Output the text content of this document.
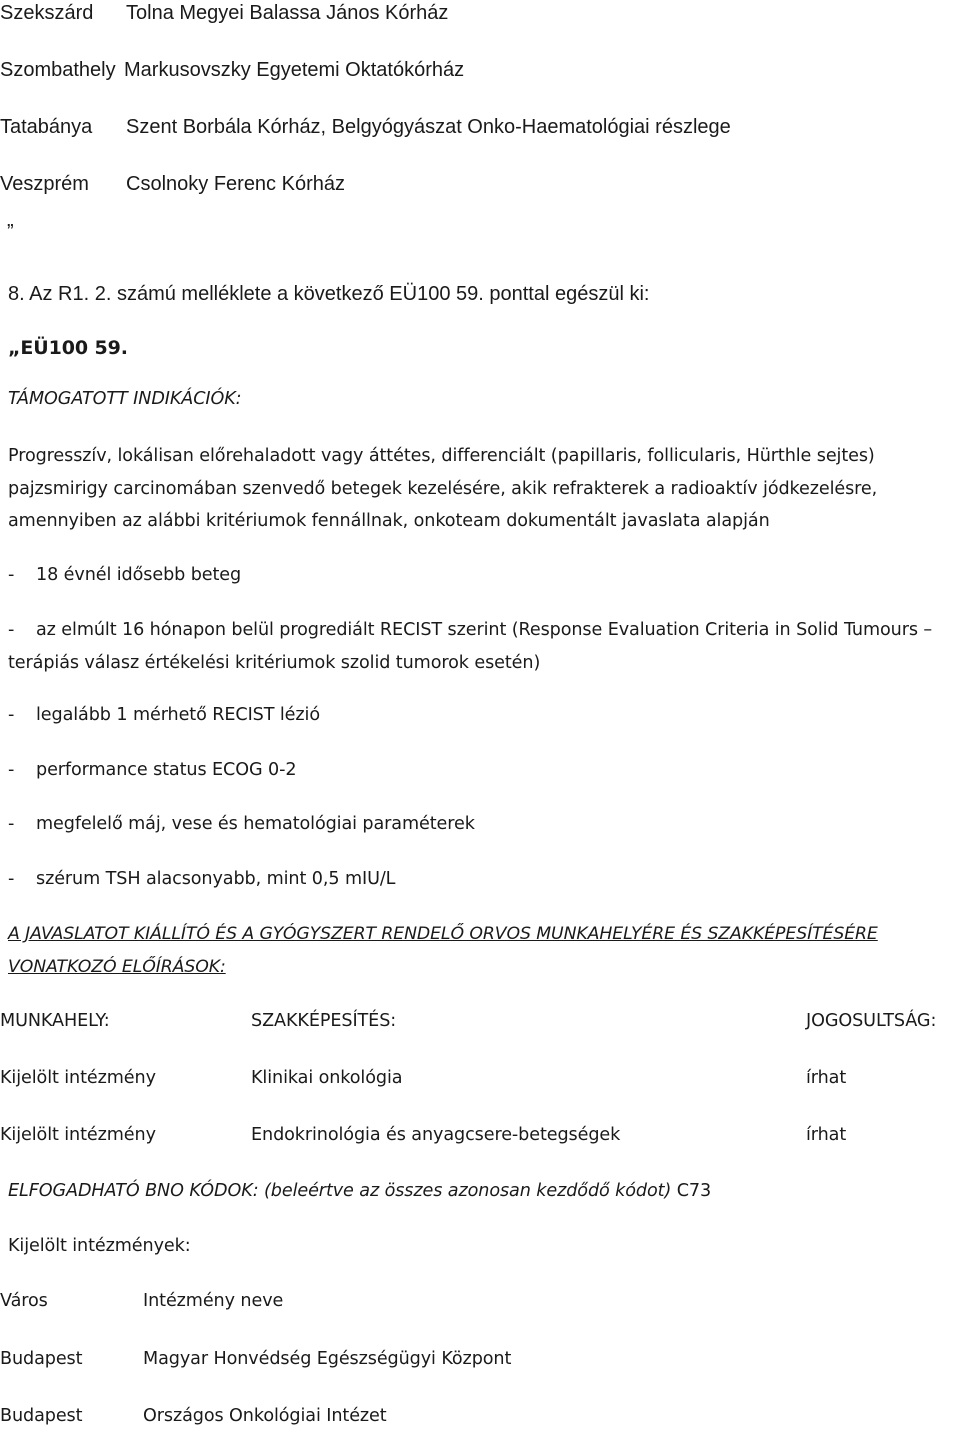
Szekszárd Tolna Megyei Balassa János Kórház
Szombathely Markusovszky Egyetemi Oktatókórház
Tatabánya Szent Borbála Kórház, Belgyógyászat Onko-Haematológiai részlege
Veszprém Csolnoky Ferenc Kórház
”
8. Az R1. 2. számú melléklete a következő EÜ100 59. ponttal egészül ki:
„EÜ100 59.
TÁMOGATOTT INDIKÁCIÓK:
Progresszív, lokálisan előrehaladott vagy áttétes, differenciált (papillaris, follicularis, Hürthle sejtes) pajzsmirigy carcinomában szenvedő betegek kezelésére, akik refrakterek a radioaktív jódkezelésre, amennyiben az alábbi kritériumok fennállnak, onkoteam dokumentált javaslata alapján
- 18 évnél idősebb beteg
- az elmúlt 16 hónapon belül progrediált RECIST szerint (Response Evaluation Criteria in Solid Tumours – terápiás válasz értékelési kritériumok szolid tumorok esetén)
- legalább 1 mérhető RECIST lézió
- performance status ECOG 0-2
- megfelelő máj, vese és hematológiai paraméterek
- szérum TSH alacsonyabb, mint 0,5 mIU/L
A JAVASLATOT KIÁLLÍTÓ ÉS A GYÓGYSZERT RENDELŐ ORVOS MUNKAHELYÉRE ÉS SZAKKÉPESÍTÉSÉRE VONATKOZÓ ELŐÍRÁSOK:
MUNKAHELY:	SZAKKÉPESÍTÉS:	JOGOSULTSÁG:
Kijelölt intézmény	Klinikai onkológia	írhat
Kijelölt intézmény	Endokrinológia és anyagcsere-betegségek	írhat
ELFOGADHATÓ BNO KÓDOK: (beleértve az összes azonosan kezdődő kódot) C73
Kijelölt intézmények:
Város	Intézmény neve
Budapest	Magyar Honvédség Egészségügyi Központ
Budapest	Országos Onkológiai Intézet
